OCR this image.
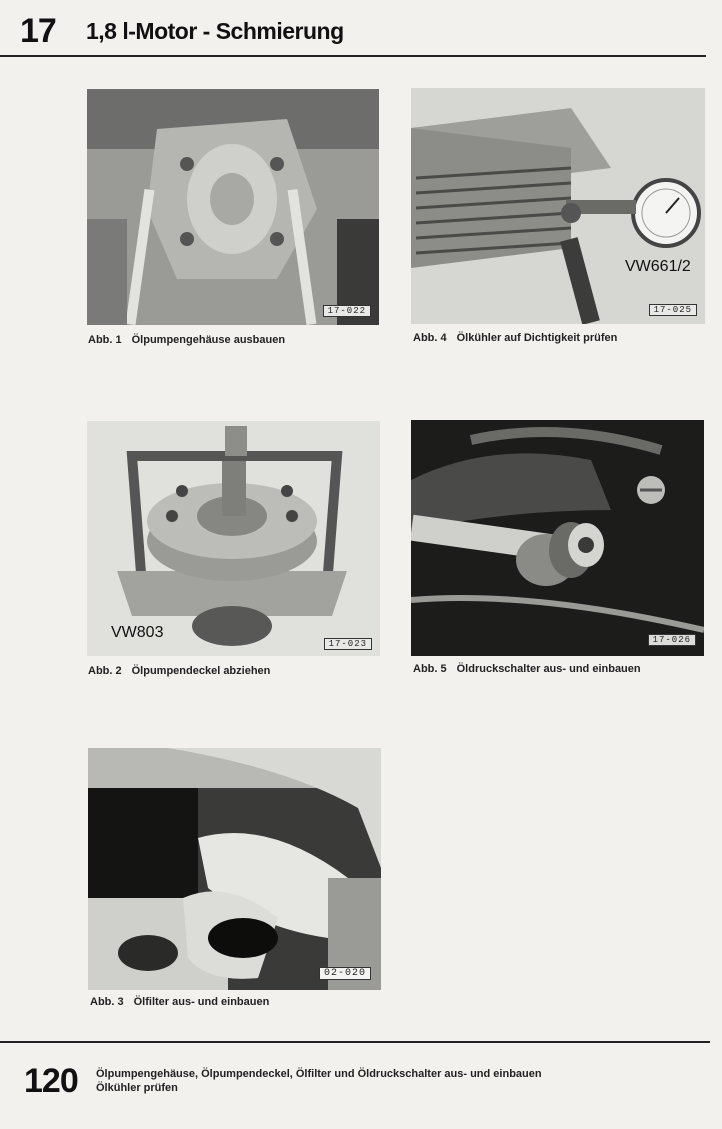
17 1,8 l-Motor - Schmierung
17-022
Abb. 1 Ölpumpengehäuse ausbauen
VW661/2
17-025
Abb. 4 Ölkühler auf Dichtigkeit prüfen
VW803
17-023
Abb. 2 Ölpumpendeckel abziehen
17-026
Abb. 5 Öldruckschalter aus- und einbauen
02-020
Abb. 3 Ölfilter aus- und einbauen
120 Ölpumpengehäuse, Ölpumpendeckel, Ölfilter und Öldruckschalter aus- und einbauen
Ölkühler prüfen
